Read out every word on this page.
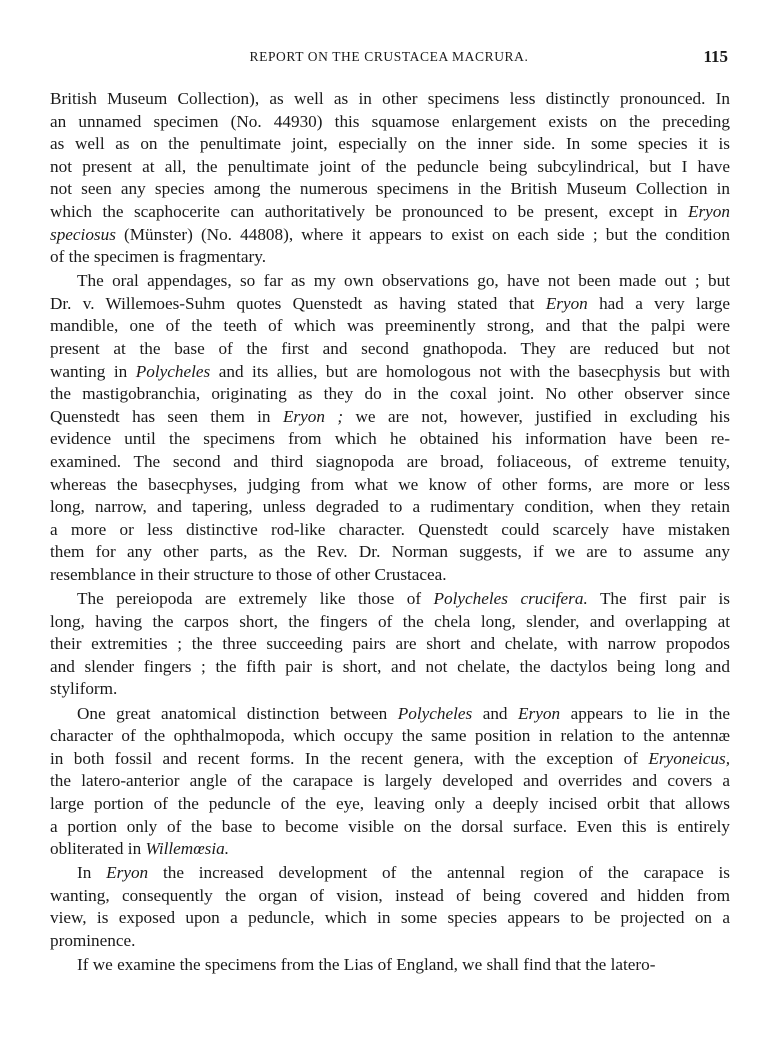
REPORT ON THE CRUSTACEA MACRURA.	115
British Museum Collection), as well as in other specimens less distinctly pronounced. In
an unnamed specimen (No. 44930) this squamose enlargement exists on the preceding
as well as on the penultimate joint, especially on the inner side. In some species it is
not present at all, the penultimate joint of the peduncle being subcylindrical, but I have
not seen any species among the numerous specimens in the British Museum Collection in
which the scaphocerite can authoritatively be pronounced to be present, except in Eryon
speciosus (Münster) (No. 44808), where it appears to exist on each side ; but the condition
of the specimen is fragmentary.
The oral appendages, so far as my own observations go, have not been made out ; but
Dr. v. Willemoes-Suhm quotes Quenstedt as having stated that Eryon had a very large
mandible, one of the teeth of which was preeminently strong, and that the palpi were
present at the base of the first and second gnathopoda. They are reduced but not
wanting in Polycheles and its allies, but are homologous not with the basecphysis but with
the mastigobranchia, originating as they do in the coxal joint. No other observer since
Quenstedt has seen them in Eryon ; we are not, however, justified in excluding his
evidence until the specimens from which he obtained his information have been re-
examined. The second and third siagnopoda are broad, foliaceous, of extreme tenuity,
whereas the basecphyses, judging from what we know of other forms, are more or less
long, narrow, and tapering, unless degraded to a rudimentary condition, when they retain
a more or less distinctive rod-like character. Quenstedt could scarcely have mistaken
them for any other parts, as the Rev. Dr. Norman suggests, if we are to assume any
resemblance in their structure to those of other Crustacea.
The pereiopoda are extremely like those of Polycheles crucifera. The first pair is
long, having the carpos short, the fingers of the chela long, slender, and overlapping at
their extremities ; the three succeeding pairs are short and chelate, with narrow propodos
and slender fingers ; the fifth pair is short, and not chelate, the dactylos being long and
styliform.
One great anatomical distinction between Polycheles and Eryon appears to lie in the
character of the ophthalmopoda, which occupy the same position in relation to the antennæ
in both fossil and recent forms. In the recent genera, with the exception of Eryoneicus,
the latero-anterior angle of the carapace is largely developed and overrides and covers a
large portion of the peduncle of the eye, leaving only a deeply incised orbit that allows
a portion only of the base to become visible on the dorsal surface. Even this is entirely
obliterated in Willemœsia.
In Eryon the increased development of the antennal region of the carapace is
wanting, consequently the organ of vision, instead of being covered and hidden from
view, is exposed upon a peduncle, which in some species appears to be projected on a
prominence.
If we examine the specimens from the Lias of England, we shall find that the latero-
